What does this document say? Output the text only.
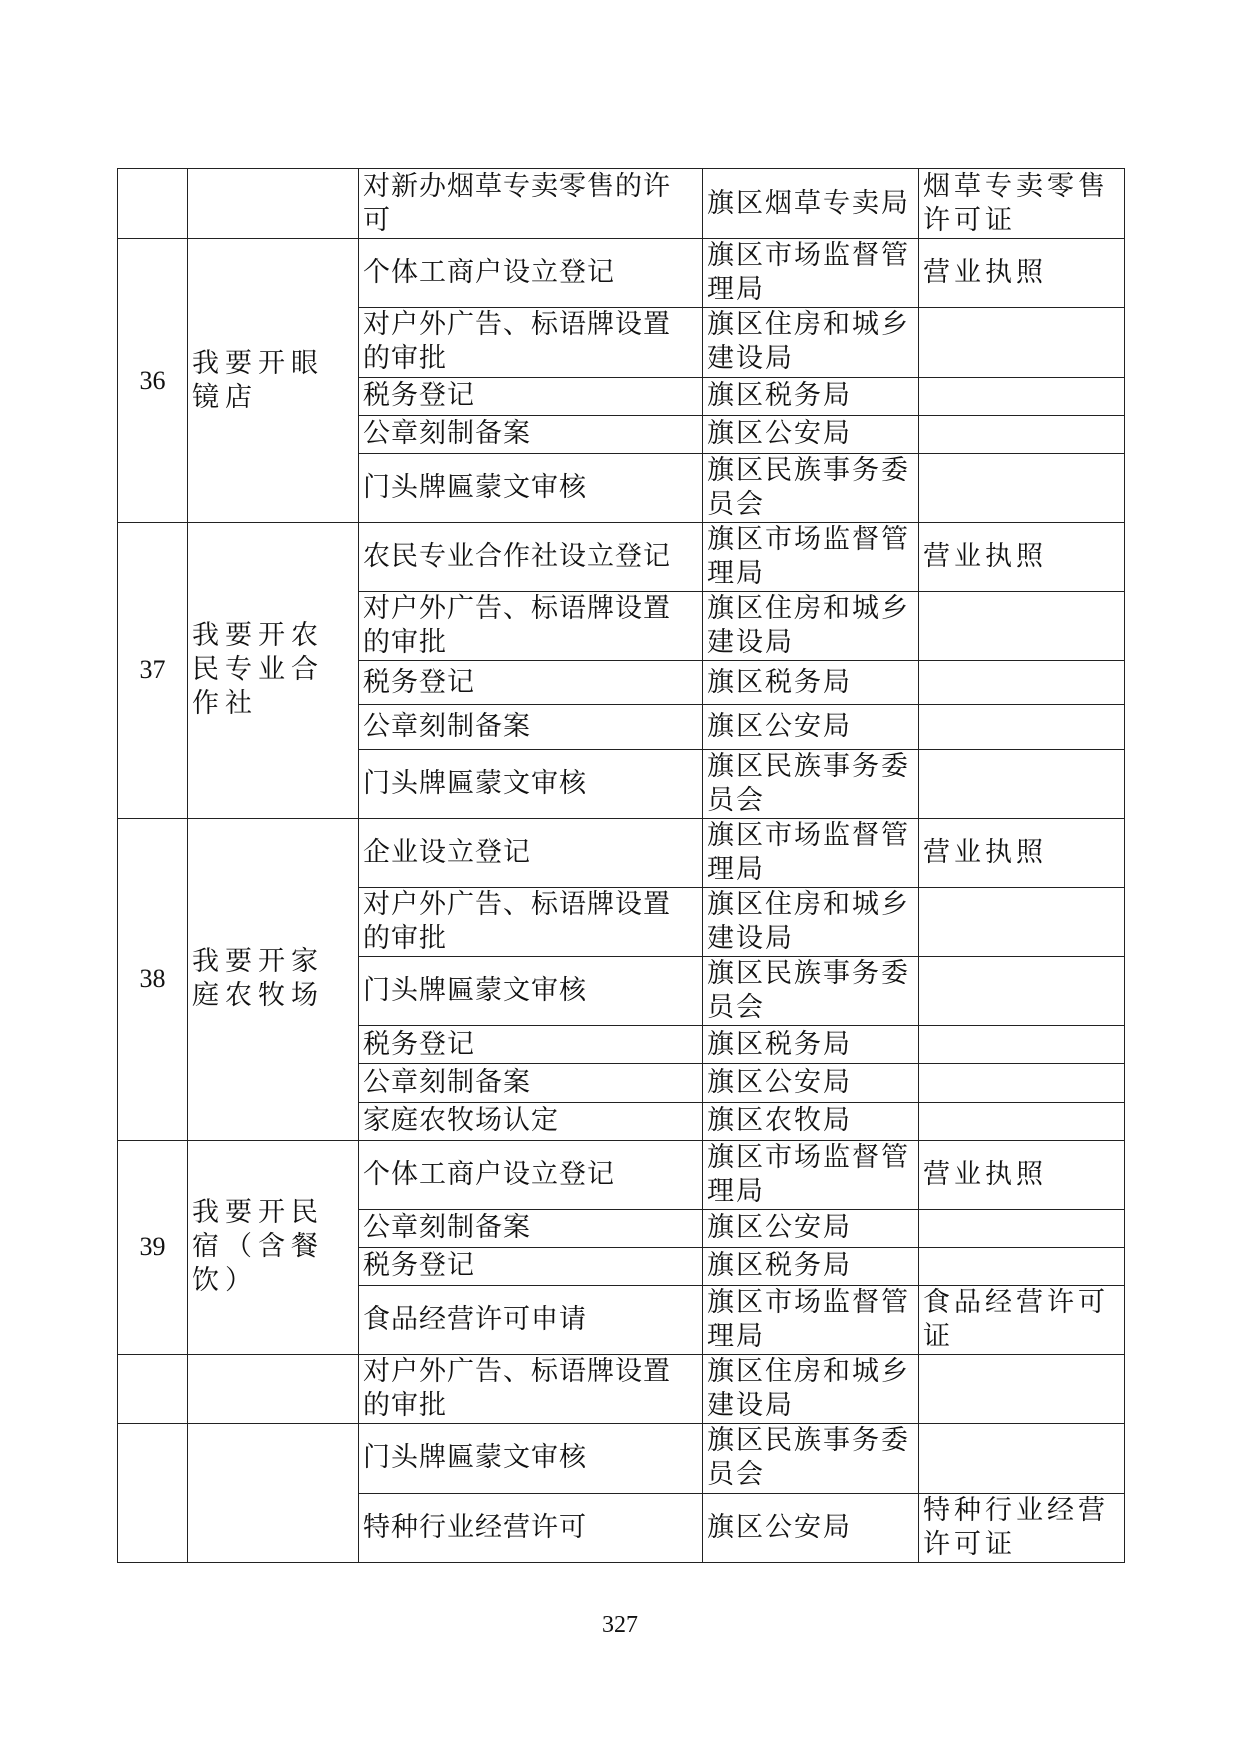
		对新办烟草专卖零售的许可	旗区烟草专卖局	烟草专卖零售许可证
36	我要开眼镜店	个体工商户设立登记	旗区市场监督管理局	营业执照
		对户外广告、标语牌设置的审批	旗区住房和城乡建设局	
		税务登记	旗区税务局	
		公章刻制备案	旗区公安局	
		门头牌匾蒙文审核	旗区民族事务委员会	
37	我要开农民专业合作社	农民专业合作社设立登记	旗区市场监督管理局	营业执照
		对户外广告、标语牌设置的审批	旗区住房和城乡建设局	
		税务登记	旗区税务局	
		公章刻制备案	旗区公安局	
		门头牌匾蒙文审核	旗区民族事务委员会	
38	我要开家庭农牧场	企业设立登记	旗区市场监督管理局	营业执照
		对户外广告、标语牌设置的审批	旗区住房和城乡建设局	
		门头牌匾蒙文审核	旗区民族事务委员会	
		税务登记	旗区税务局	
		公章刻制备案	旗区公安局	
		家庭农牧场认定	旗区农牧局	
39	我要开民宿（含餐饮）	个体工商户设立登记	旗区市场监督管理局	营业执照
		公章刻制备案	旗区公安局	
		税务登记	旗区税务局	
		食品经营许可申请	旗区市场监督管理局	食品经营许可证
		对户外广告、标语牌设置的审批	旗区住房和城乡建设局	
		门头牌匾蒙文审核	旗区民族事务委员会	
		特种行业经营许可	旗区公安局	特种行业经营许可证
327
